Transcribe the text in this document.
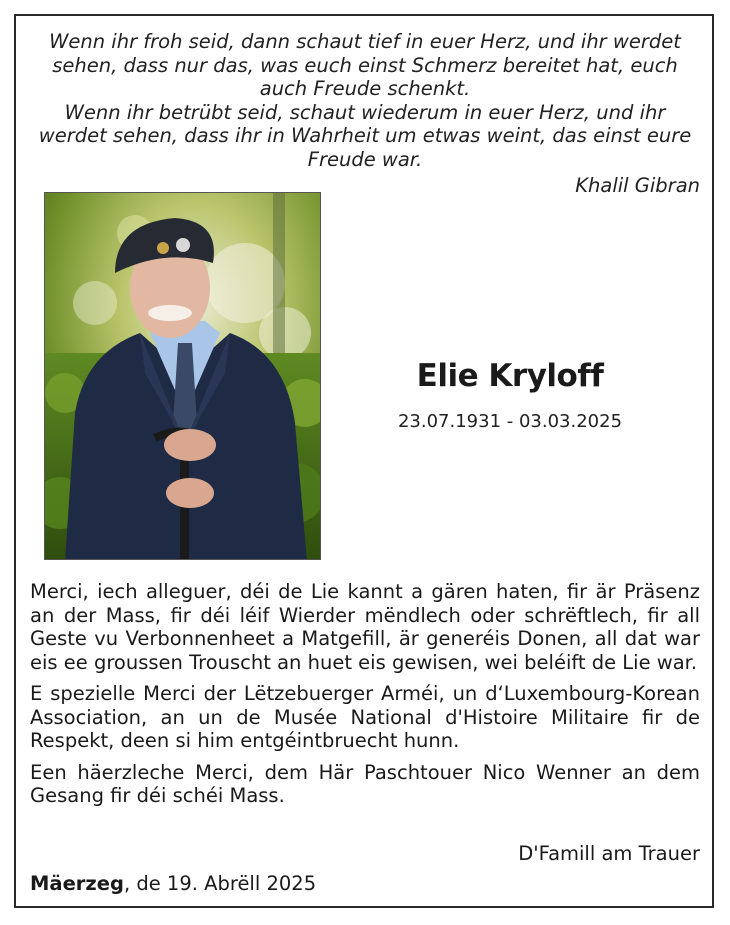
Wenn ihr froh seid, dann schaut tief in euer Herz, und ihr werdet sehen, dass nur das, was euch einst Schmerz bereitet hat, euch auch Freude schenkt.

Wenn ihr betrübt seid, schaut wiederum in euer Herz, und ihr werdet sehen, dass ihr in Wahrheit um etwas weint, das einst eure Freude war.

Khalil Gibran
Elie Kryloff
23.07.1931 - 03.03.2025

Merci, iech alleguer, déi de Lie kannt a gären haten, fir är Präsenz an der Mass, fir déi léif Wierder mëndlech oder schrëftlech, fir all Geste vu Verbonnenheet a Matgefill, är generéis Donen, all dat war eis ee groussen Trouscht an huet eis gewisen, wei beléift de Lie war.

E spezielle Merci der Lëtzebuerger Arméi, un d‘Luxembourg-Korean Association, an un de Musée National d'Histoire Militaire fir de Respekt, deen si him entgéintbruecht hunn.

Een häerzleche Merci, dem Här Paschtouer Nico Wenner an dem Gesang fir déi schéi Mass.

D'Famill am Trauer
Mäerzeg, de 19. Abrëll 2025
